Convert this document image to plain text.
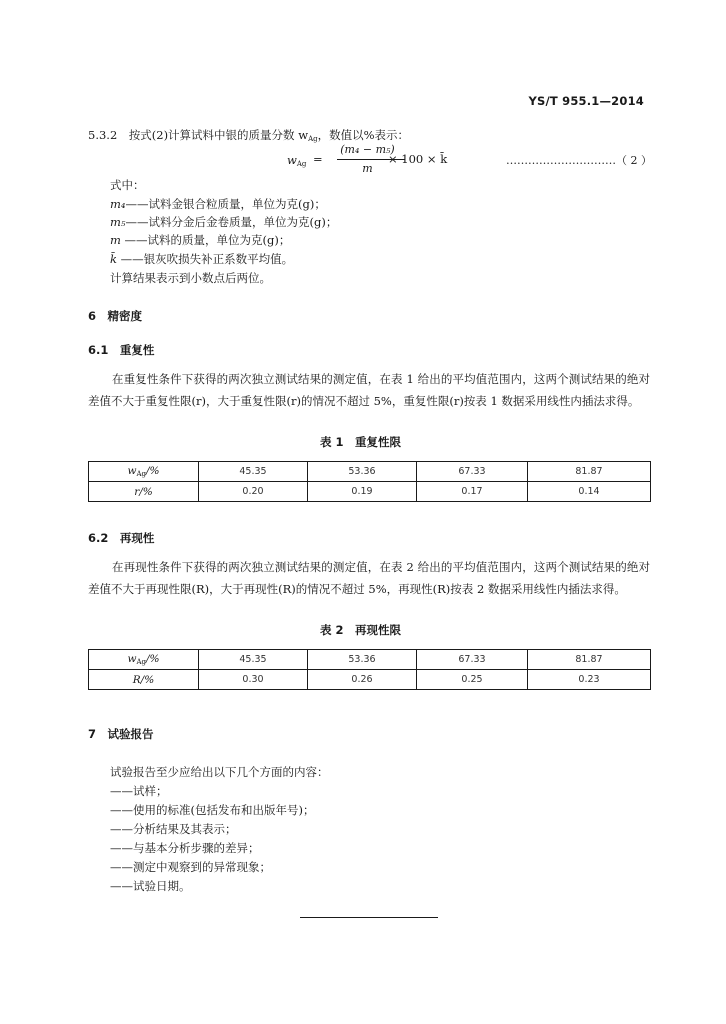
YS/T 955.1—2014
5.3.2　按式(2)计算试料中银的质量分数 $w_{Ag}$，数值以%表示：
$w_{Ag}$ =
(m₄ − m₅)
m
× 100 × k̄	…………………………（ 2 ）
式中：
m₄——试料金银合粒质量，单位为克(g)；
m₅——试料分金后金卷质量，单位为克(g)；
m ——试料的质量，单位为克(g)；
k̄ ——银灰吹损失补正系数平均值。
计算结果表示到小数点后两位。
6　精密度
6.1　重复性
在重复性条件下获得的两次独立测试结果的测定值，在表 1 给出的平均值范围内，这两个测试结果的绝对差值不大于重复性限(r)，大于重复性限(r)的情况不超过 5%，重复性限(r)按表 1 数据采用线性内插法求得。
表 1　重复性限
$w_{Ag}/\%$	45.35	53.36	67.33	81.87
r/%	0.20	0.19	0.17	0.14
6.2　再现性
在再现性条件下获得的两次独立测试结果的测定值，在表 2 给出的平均值范围内，这两个测试结果的绝对差值不大于再现性限(R)，大于再现性(R)的情况不超过 5%，再现性(R)按表 2 数据采用线性内插法求得。
表 2　再现性限
$w_{Ag}/\%$	45.35	53.36	67.33	81.87
R/%	0.30	0.26	0.25	0.23
7　试验报告
试验报告至少应给出以下几个方面的内容：
——试样；
——使用的标准(包括发布和出版年号)；
——分析结果及其表示；
——与基本分析步骤的差异；
——测定中观察到的异常现象；
——试验日期。
